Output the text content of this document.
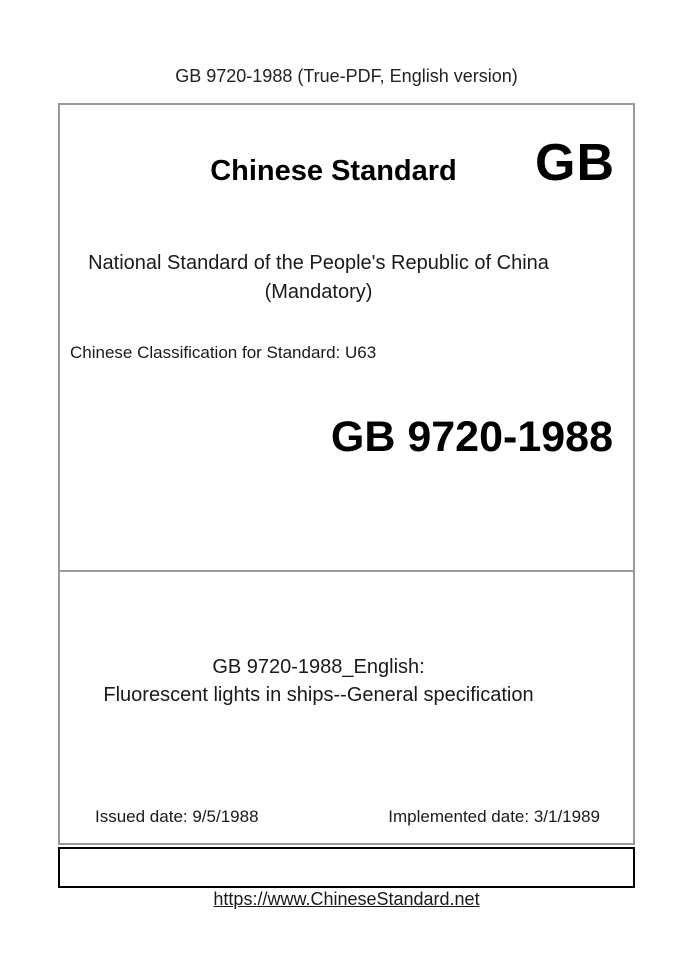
GB 9720-1988 (True-PDF, English version)
Chinese Standard	GB
National Standard of the People's Republic of China
(Mandatory)
Chinese Classification for Standard: U63
GB 9720-1988
GB 9720-1988_English:
Fluorescent lights in ships--General specification
Issued date: 9/5/1988	Implemented date: 3/1/1989
https://www.ChineseStandard.net
